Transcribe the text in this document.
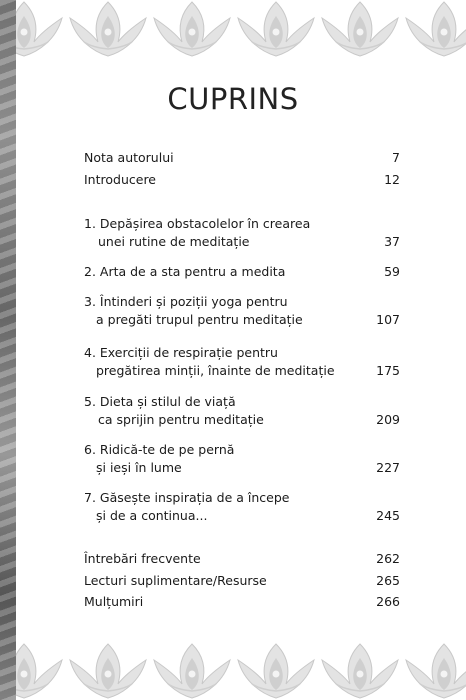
CUPRINS
Nota autorului	7
Introducere	12
1. Depășirea obstacolelor în crearea
unei rutine de meditație	37
2. Arta de a sta pentru a medita	59
3. Întinderi și poziții yoga pentru
a pregăti trupul pentru meditație	107
4. Exerciții de respirație pentru
pregătirea minții, înainte de meditație	175
5. Dieta și stilul de viață
ca sprijin pentru meditație	209
6. Ridică-te de pe pernă
și ieși în lume	227
7. Găsește inspirația de a începe
și de a continua...	245
Întrebări frecvente	262
Lecturi suplimentare/Resurse	265
Mulțumiri	266
